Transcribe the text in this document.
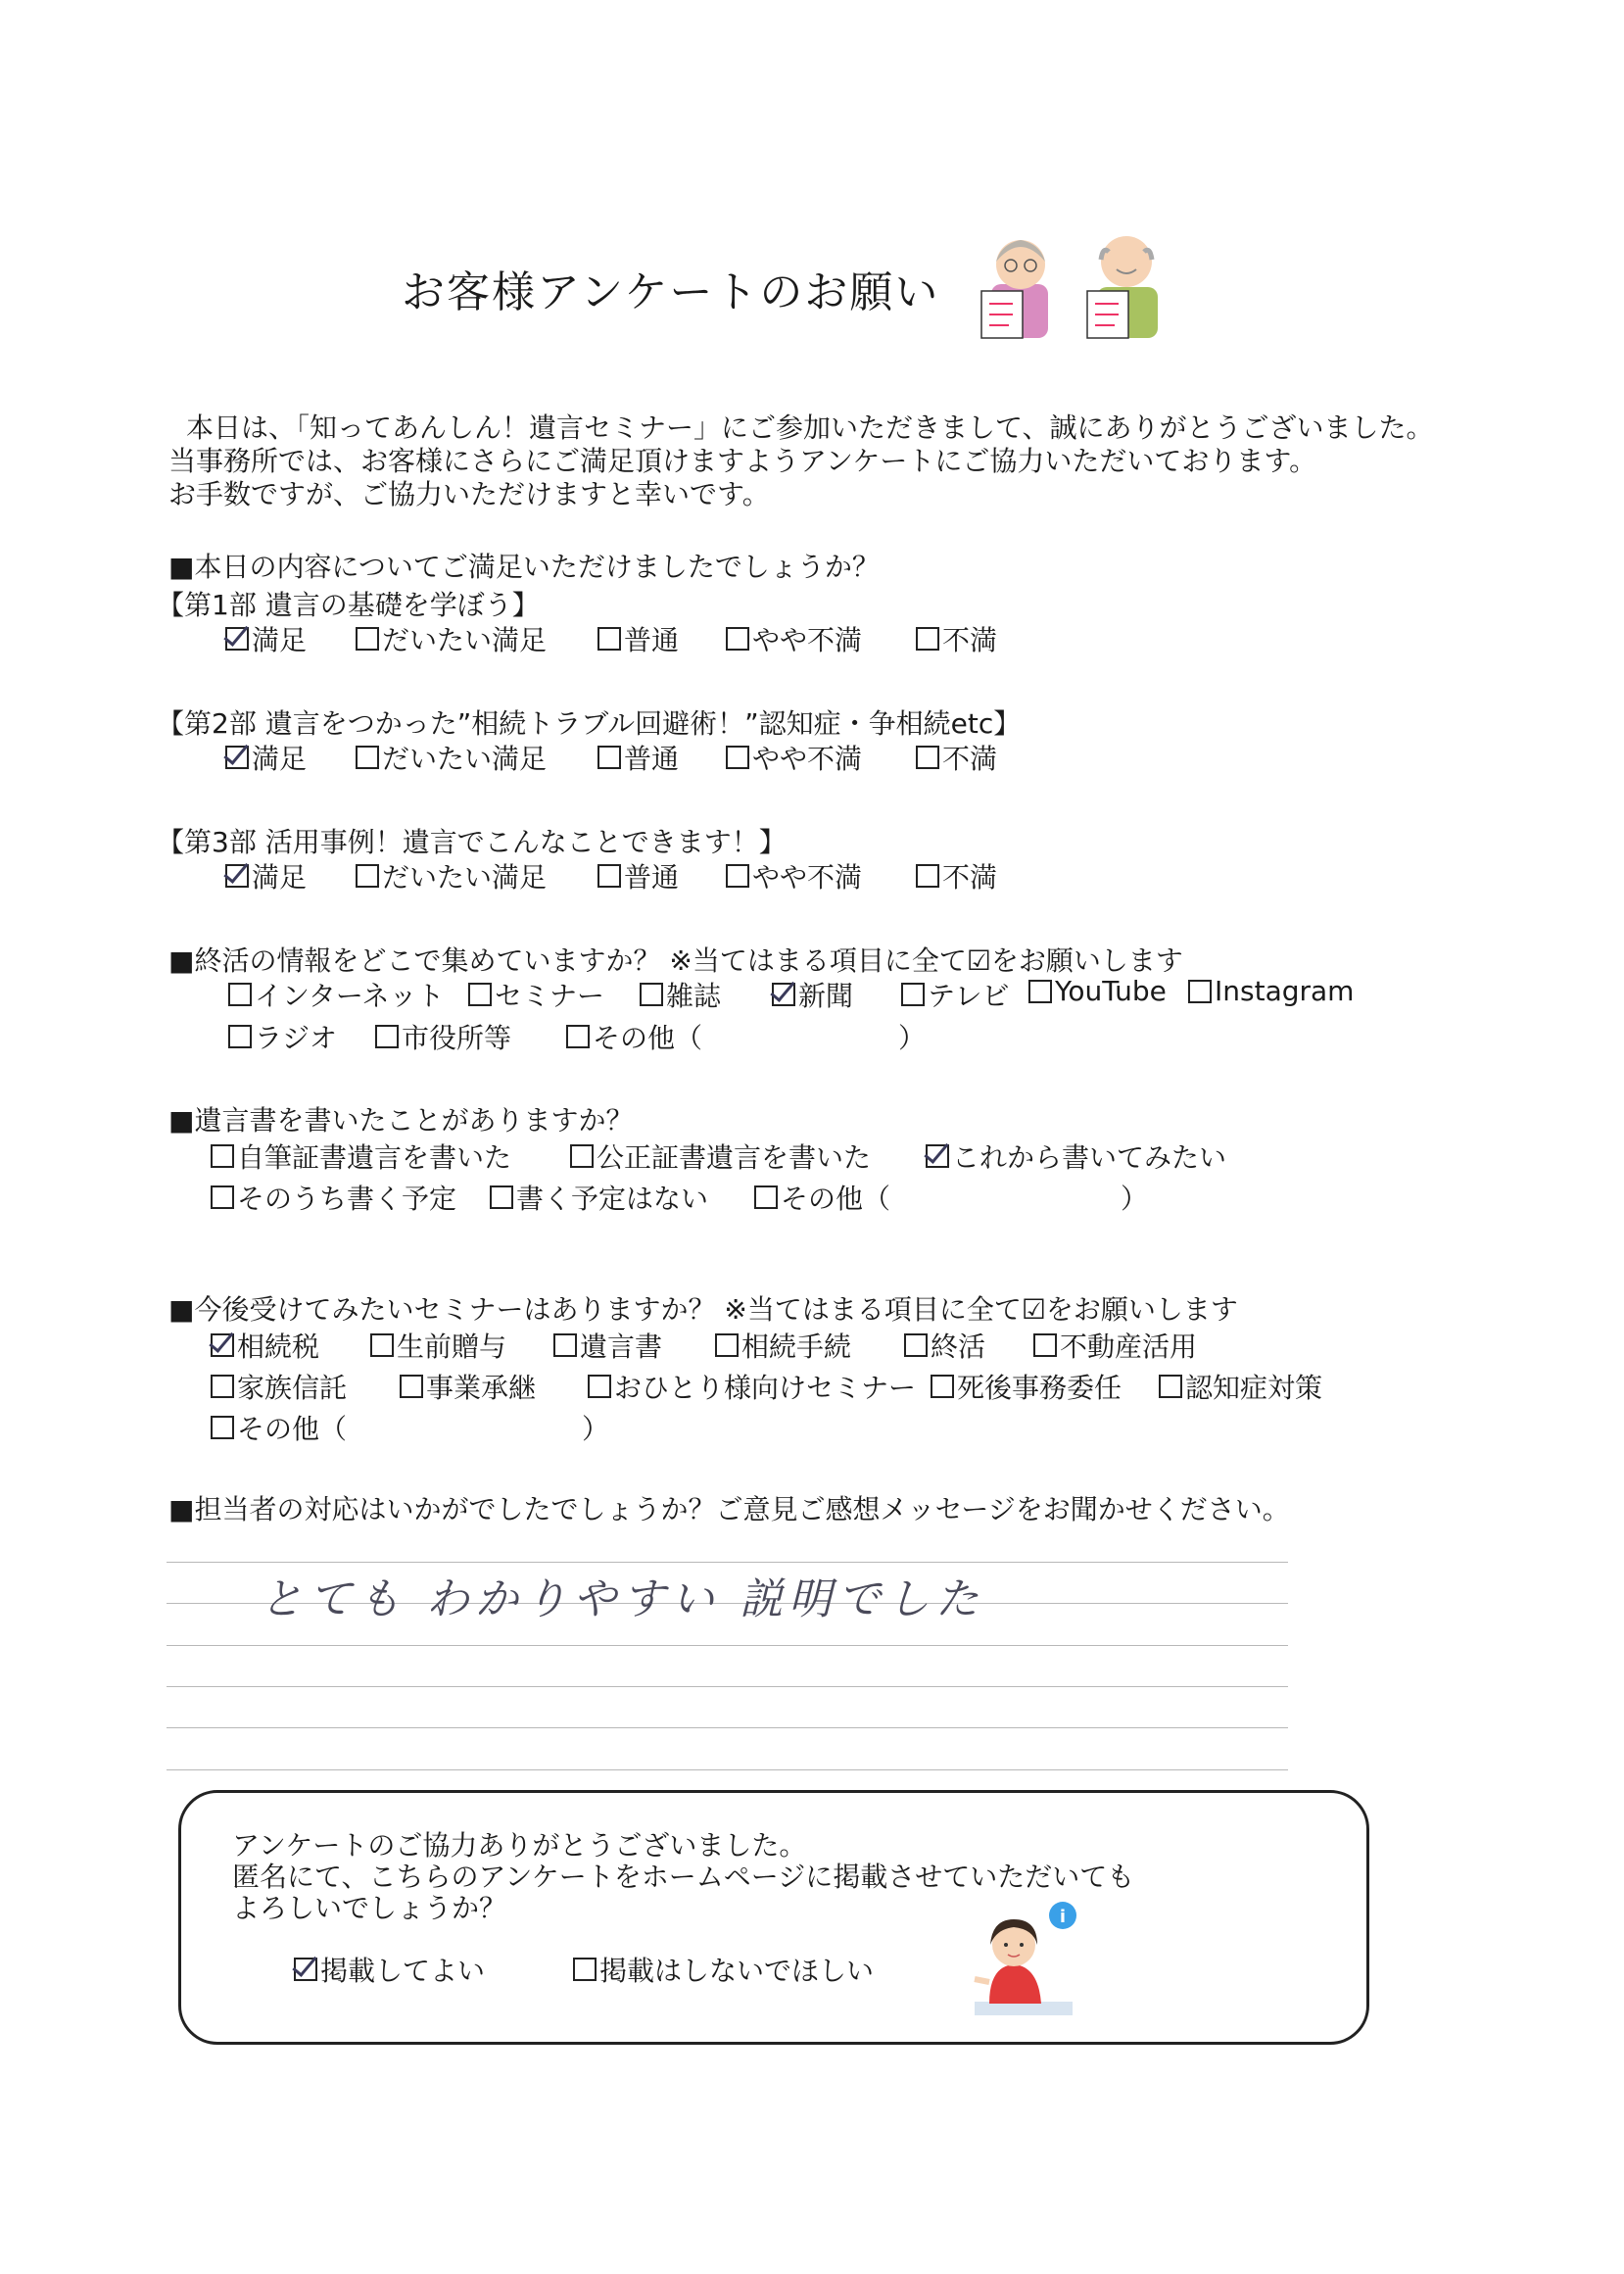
お客様アンケートのお願い
本日は、「知ってあんしん！遺言セミナー」にご参加いただきまして、誠にありがとうございました。
当事務所では、お客様にさらにご満足頂けますようアンケートにご協力いただいております。
お手数ですが、ご協力いただけますと幸いです。
■本日の内容についてご満足いただけましたでしょうか？
【第1部 遺言の基礎を学ぼう】
満足	だいたい満足	普通	やや不満	不満
【第2部 遺言をつかった”相続トラブル回避術！”認知症・争相続etc】
満足	だいたい満足	普通	やや不満	不満
【第3部 活用事例！遺言でこんなことできます！】
満足	だいたい満足	普通	やや不満	不満
■終活の情報をどこで集めていますか？ ※当てはまる項目に全て☑をお願いします
インターネット セミナー 雑誌	新聞	テレビ YouTube Instagram
ラジオ 市役所等	その他（	）
■遺言書を書いたことがありますか？
自筆証書遺言を書いた	公正証書遺言を書いた	これから書いてみたい
そのうち書く予定 書く予定はない	その他（	）
■今後受けてみたいセミナーはありますか？ ※当てはまる項目に全て☑をお願いします
相続税	生前贈与	遺言書	相続手続	終活	不動産活用
家族信託	事業承継	おひとり様向けセミナー 死後事務委任 認知症対策
その他（	）
■担当者の対応はいかがでしたでしょうか？ご意見ご感想メッセージをお聞かせください。
とても わかりやすい 説明でした
アンケートのご協力ありがとうございました。
匿名にて、こちらのアンケートをホームページに掲載させていただいても
よろしいでしょうか？
掲載してよい	掲載はしないでほしい
i
